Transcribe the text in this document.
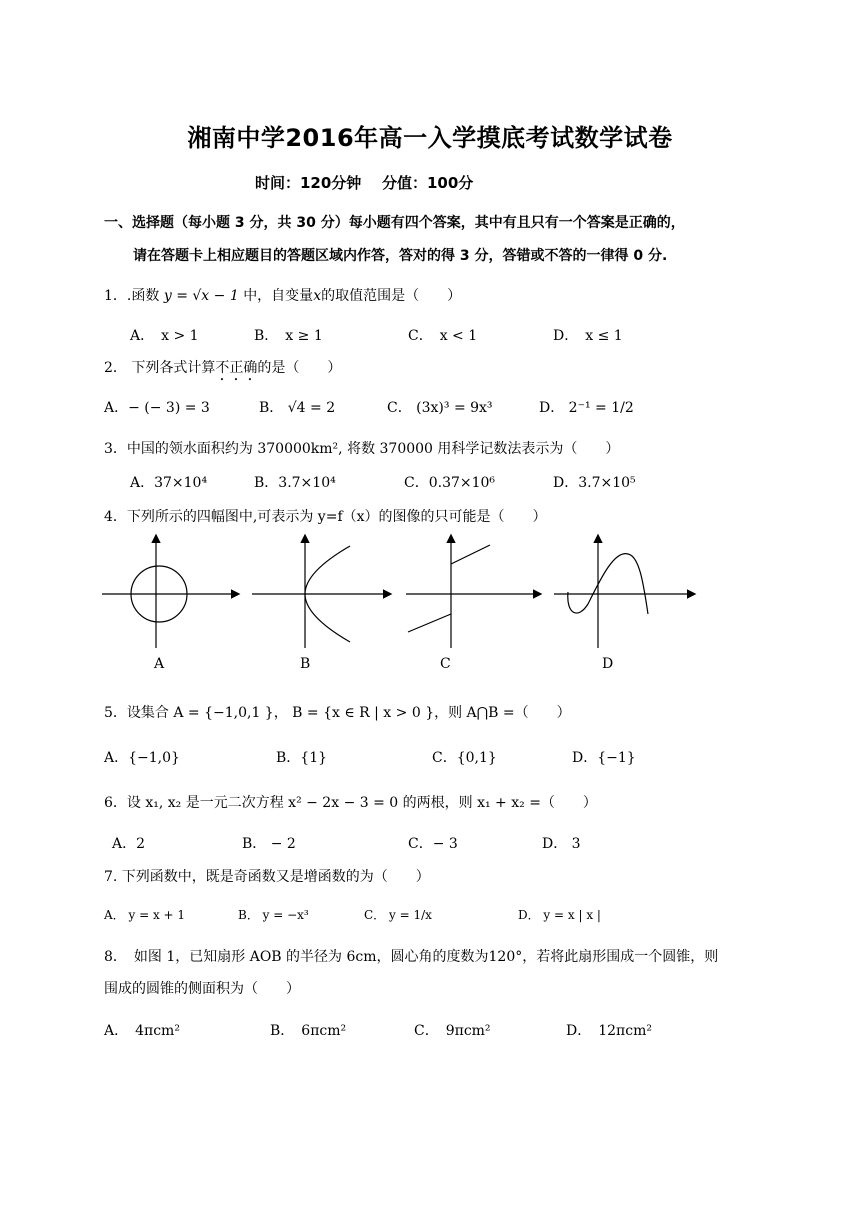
湘南中学2016年高一入学摸底考试数学试卷
时间：120分钟 分值：100分
一、选择题（每小题 3 分，共 30 分）每小题有四个答案，其中有且只有一个答案是正确的，
请在答题卡上相应题目的答题区域内作答，答对的得 3 分，答错或不答的一律得 0 分.
1．.函数 y = √x − 1 中，自变量x的取值范围是（　　）
A．　x > 1	B．　x ≥ 1	C．　x < 1	D．　x ≤ 1
2． 下列各式计算不正确的是（　　）
A．− (− 3) = 3	B． √4 = 2	C． (3x)³ = 9x³	D． 2⁻¹ = 1/2
3．中国的领水面积约为 370000km², 将数 370000 用科学记数法表示为（　　）
A．37×10⁴	B．3.7×10⁴	C．0.37×10⁶	D．3.7×10⁵
4．下列所示的四幅图中,可表示为 y=f（x）的图像的只可能是（　　）
A	B	C	D
5．设集合 A = {−1,0,1 }， B = {x ∈ R | x > 0 }，则 A⋂B =（　　）
A．{−1,0}	B．{1}	C．{0,1}	D．{−1}
6．设 x₁, x₂ 是一元二次方程 x² − 2x − 3 = 0 的两根，则 x₁ + x₂ =（　　）
A．2	B． − 2	C．− 3	D． 3
7. 下列函数中，既是奇函数又是增函数的为（　　）
A． y = x + 1	B． y = −x³	C． y = 1/x	D． y = x | x |
8．　如图 1，已知扇形 AOB 的半径为 6cm，圆心角的度数为120°，若将此扇形围成一个圆锥，则
围成的圆锥的侧面积为（　　）
A．　4πcm²	B．　6πcm²	C．　9πcm²	D．　12πcm²
